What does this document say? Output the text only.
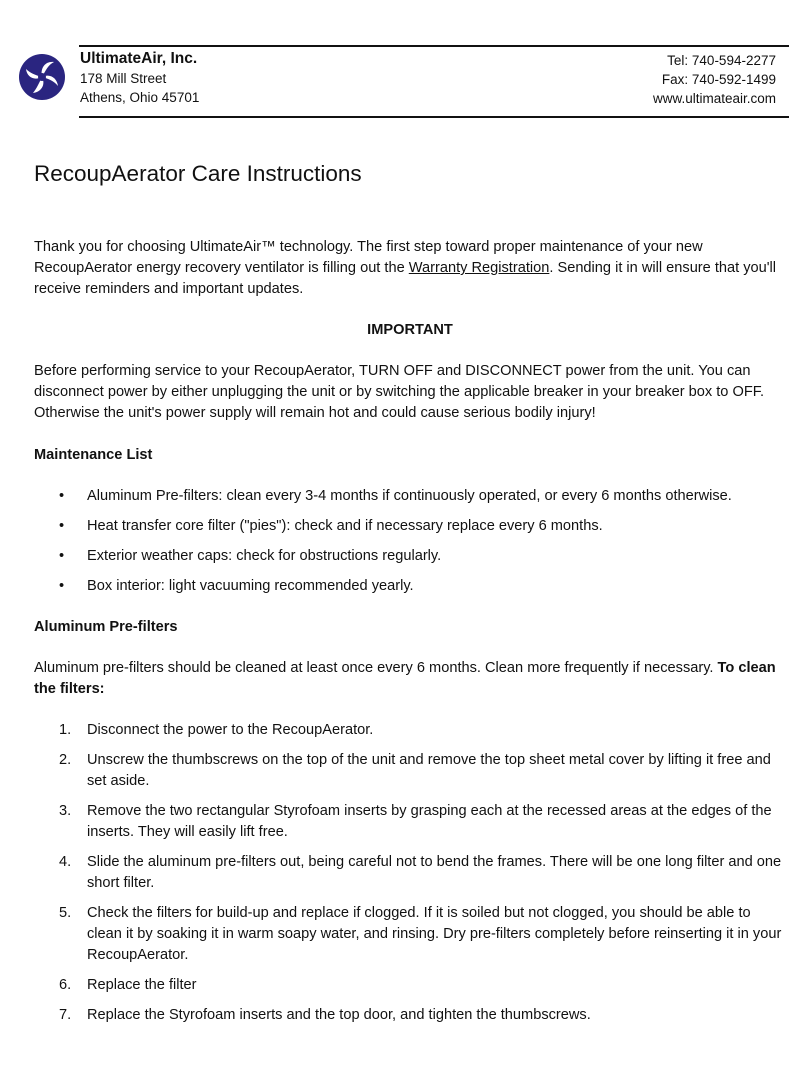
UltimateAir, Inc.
178 Mill Street
Athens, Ohio 45701
Tel: 740-594-2277
Fax: 740-592-1499
www.ultimateair.com
RecoupAerator Care Instructions

Thank you for choosing UltimateAir™ technology. The first step toward proper maintenance of your new RecoupAerator energy recovery ventilator is filling out the Warranty Registration. Sending it in will ensure that you'll receive reminders and important updates.

IMPORTANT

Before performing service to your RecoupAerator, TURN OFF and DISCONNECT power from the unit. You can disconnect power by either unplugging the unit or by switching the applicable breaker in your breaker box to OFF. Otherwise the unit's power supply will remain hot and could cause serious bodily injury!

Maintenance List

• Aluminum Pre-filters: clean every 3-4 months if continuously operated, or every 6 months otherwise.
• Heat transfer core filter ("pies"): check and if necessary replace every 6 months.
• Exterior weather caps: check for obstructions regularly.
• Box interior: light vacuuming recommended yearly.

Aluminum Pre-filters

Aluminum pre-filters should be cleaned at least once every 6 months. Clean more frequently if necessary. To clean the filters:

1. Disconnect the power to the RecoupAerator.
2. Unscrew the thumbscrews on the top of the unit and remove the top sheet metal cover by lifting it free and set aside.
3. Remove the two rectangular Styrofoam inserts by grasping each at the recessed areas at the edges of the inserts. They will easily lift free.
4. Slide the aluminum pre-filters out, being careful not to bend the frames. There will be one long filter and one short filter.
5. Check the filters for build-up and replace if clogged. If it is soiled but not clogged, you should be able to clean it by soaking it in warm soapy water, and rinsing. Dry pre-filters completely before reinserting it in your RecoupAerator.
6. Replace the filter
7. Replace the Styrofoam inserts and the top door, and tighten the thumbscrews.
